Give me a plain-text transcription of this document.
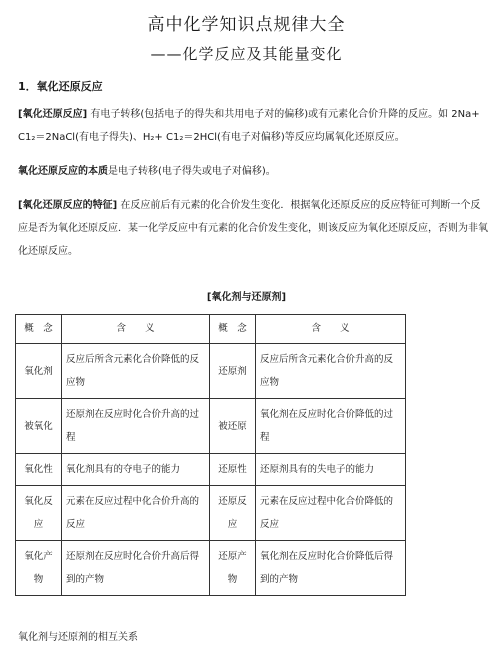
高中化学知识点规律大全
——化学反应及其能量变化
1．氧化还原反应
[氧化还原反应] 有电子转移(包括电子的得失和共用电子对的偏移)或有元素化合价升降的反应。如 2Na+ C1₂＝2NaCl(有电子得失)、H₂+ C1₂＝2HCl(有电子对偏移)等反应均属氧化还原反应。
氧化还原反应的本质是电子转移(电子得失或电子对偏移)。
[氧化还原反应的特征] 在反应前后有元素的化合价发生变化．根据氧化还原反应的反应特征可判断一个反应是否为氧化还原反应．某一化学反应中有元素的化合价发生变化，则该反应为氧化还原反应，否则为非氧化还原反应。
[氧化剂与还原剂]
概　念	含　　义	概　念	含　　义
氧化剂	反应后所含元素化合价降低的反应物	还原剂	反应后所含元素化合价升高的反应物
被氧化	还原剂在反应时化合价升高的过程	被还原	氧化剂在反应时化合价降低的过程
氧化性	氧化剂具有的夺电子的能力	还原性	还原剂具有的失电子的能力
氧化反应	元素在反应过程中化合价升高的反应	还原反应	元素在反应过程中化合价降低的反应
氧化产物	还原剂在反应时化合价升高后得到的产物	还原产物	氧化剂在反应时化合价降低后得到的产物
氧化剂与还原剂的相互关系
